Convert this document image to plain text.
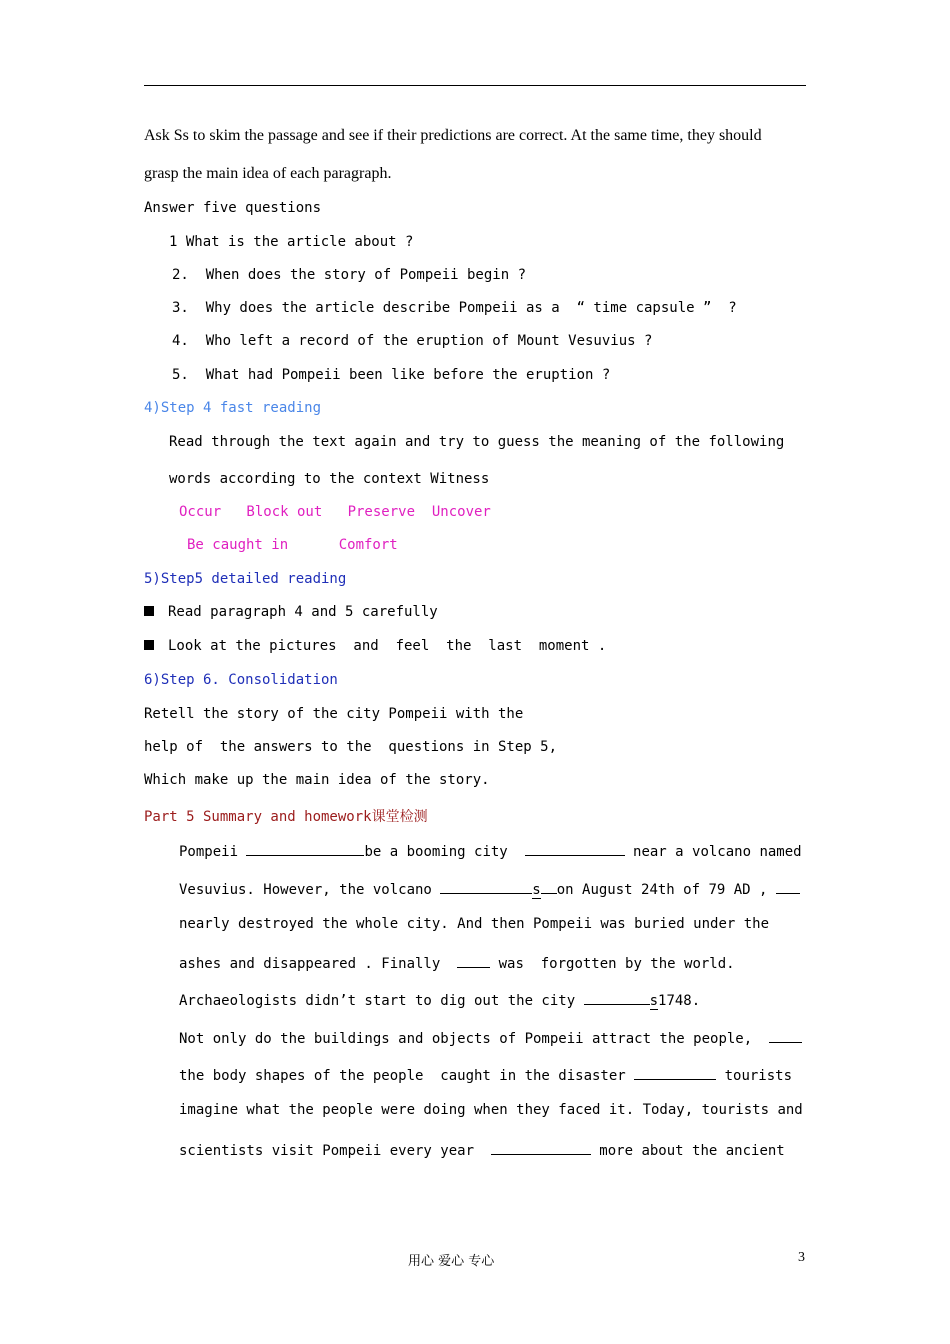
Ask Ss to skim the passage and see if their predictions are correct. At the same time, they should
grasp the main idea of each paragraph.
Answer five questions
1 What is the article about ?
2.  When does the story of Pompeii begin ?
3.  Why does the article describe Pompeii as a  “ time capsule ”  ?
4.  Who left a record of the eruption of Mount Vesuvius ?
5.  What had Pompeii been like before the eruption ?
4)Step 4 fast reading
Read through the text again and try to guess the meaning of the following
words according to the context Witness
Occur   Block out   Preserve  Uncover
Be caught in      Comfort
5)Step5 detailed reading
Read paragraph 4 and 5 carefully
Look at the pictures  and  feel  the  last  moment .
6)Step 6. Consolidation
Retell the story of the city Pompeii with the
help of  the answers to the  questions in Step 5,
Which make up the main idea of the story.
Part 5 Summary and homework课堂检测
Pompeii	be a booming city	near a volcano named
Vesuvius. However, the volcano	s on August 24th of 79 AD ,
nearly destroyed the whole city. And then Pompeii was buried under the
ashes and disappeared . Finally   was  forgotten by the world.
Archaeologists didn’t start to dig out the city	s1748.
Not only do the buildings and objects of Pompeii attract the people,
the body shapes of the people  caught in the disaster	tourists
imagine what the people were doing when they faced it. Today, tourists and
scientists visit Pompeii every year	more about the ancient
用心 爱心 专心	3
